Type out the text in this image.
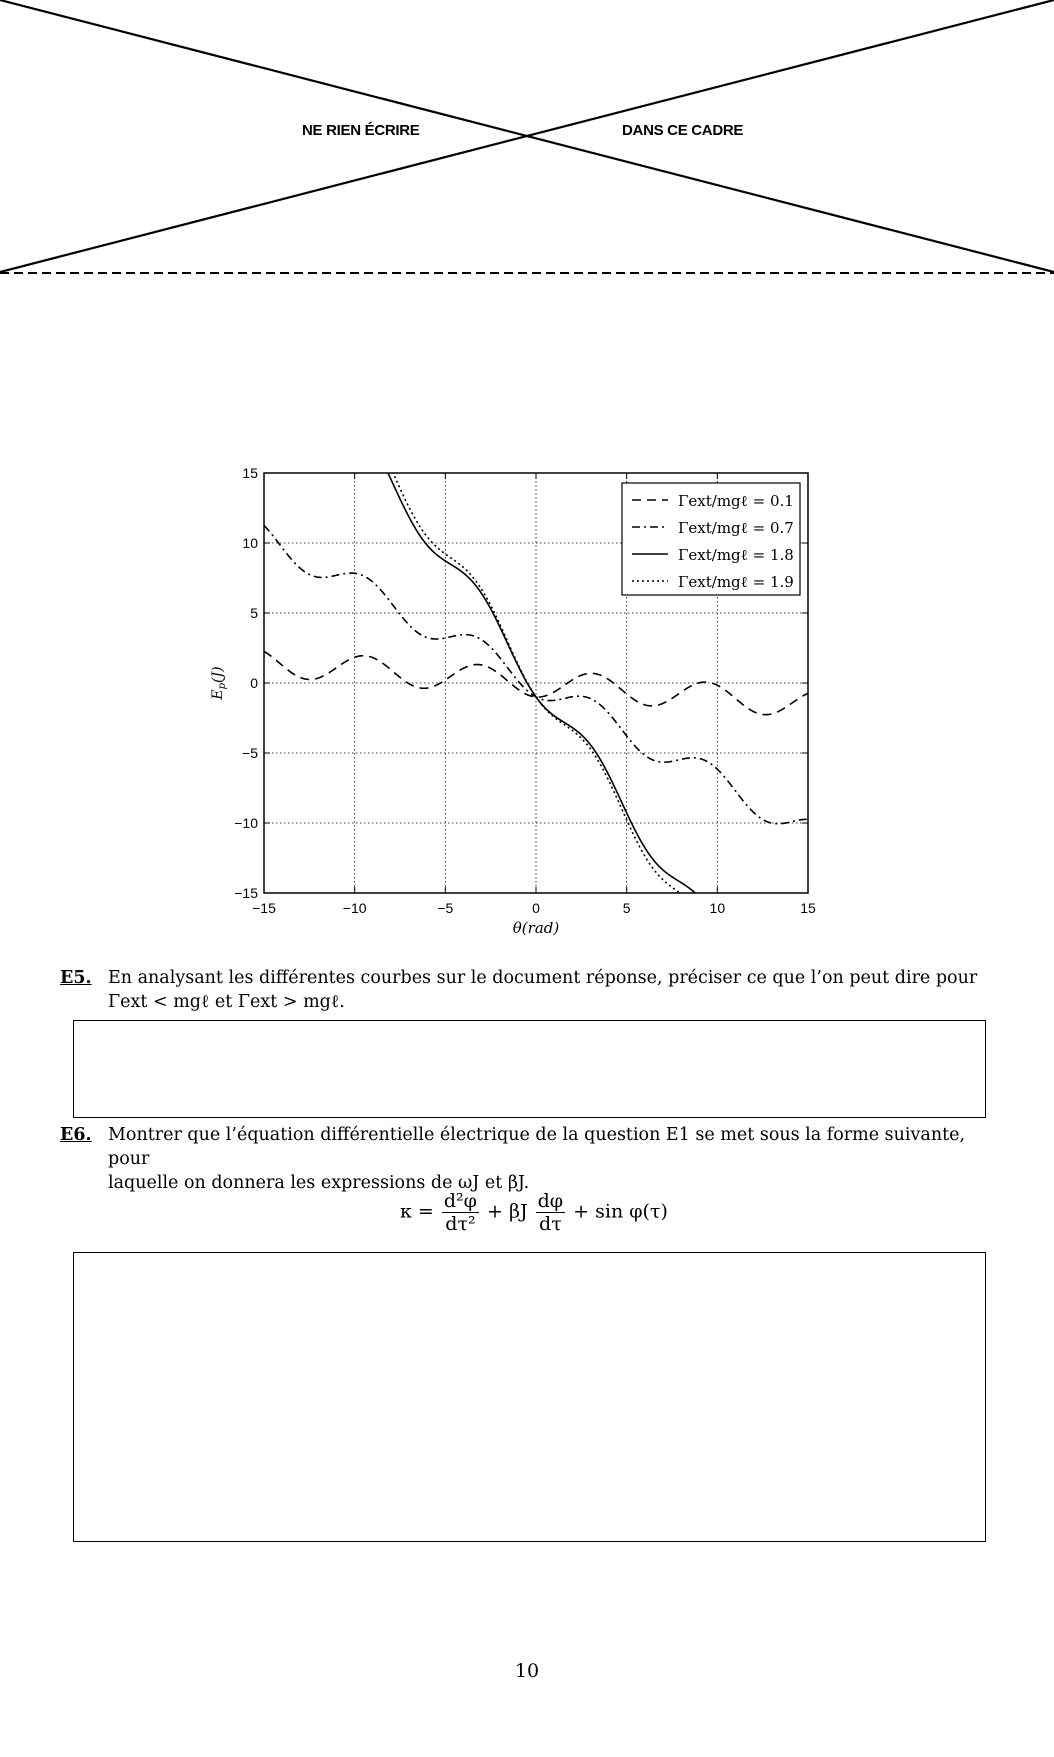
NE RIEN ÉCRIRE	DANS CE CADRE
−15	−10	−5	0	5	10	15
15
10
5
0
−5
−10
−15
θ(rad)
$E_p(J)$
Γext/mgℓ = 0.1
Γext/mgℓ = 0.7
Γext/mgℓ = 1.8
Γext/mgℓ = 1.9
E5. En analysant les différentes courbes sur le document réponse, préciser ce que l’on peut dire pour
Γext < mgℓ et Γext > mgℓ.
E6. Montrer que l’équation différentielle électrique de la question E1 se met sous la forme suivante, pour
laquelle on donnera les expressions de ωJ et βJ.
$\kappa = \frac{\text{d²φ}}{\text{dτ²}} + \beta J \frac{d\varphi}{d\tau} + \sin \varphi(\tau)$
10
